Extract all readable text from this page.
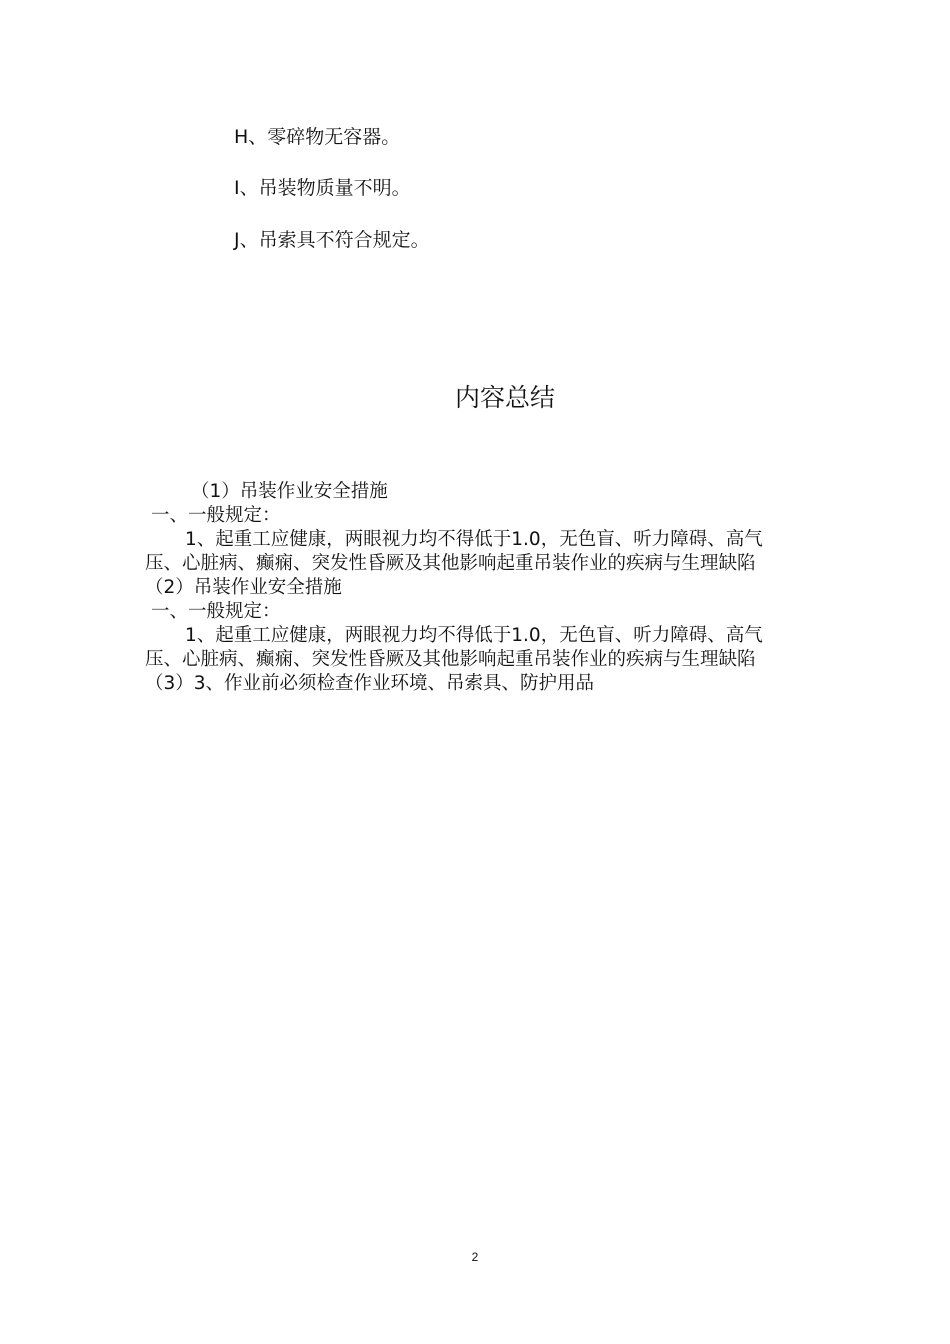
H、零碎物无容器。
I、吊装物质量不明。
J、吊索具不符合规定。
内容总结

（1）吊装作业安全措施

一、一般规定：

1、起重工应健康，两眼视力均不得低于1.0，无色盲、听力障碍、高气压、心脏病、癫痫、突发性昏厥及其他影响起重吊装作业的疾病与生理缺陷

（2）吊装作业安全措施

一、一般规定：

1、起重工应健康，两眼视力均不得低于1.0，无色盲、听力障碍、高气压、心脏病、癫痫、突发性昏厥及其他影响起重吊装作业的疾病与生理缺陷

（3）3、作业前必须检查作业环境、吊索具、防护用品

2
